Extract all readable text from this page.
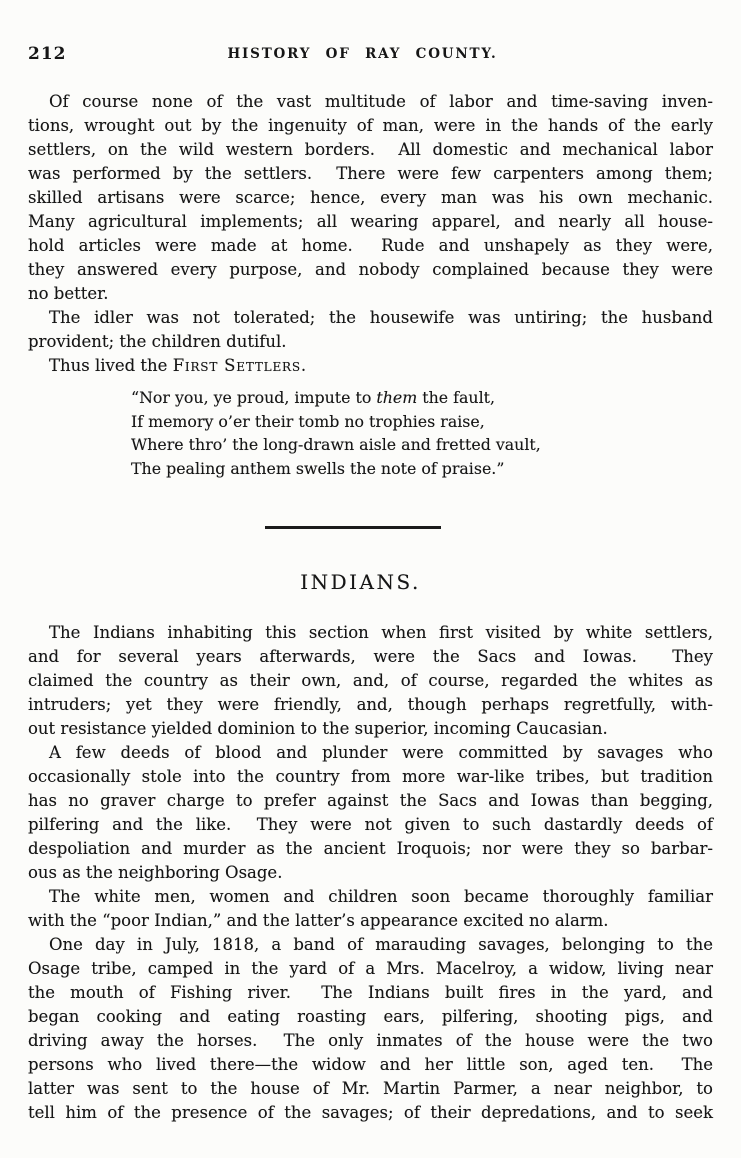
212	HISTORY OF RAY COUNTY.
Of course none of the vast multitude of labor and time-saving inven-
tions, wrought out by the ingenuity of man, were in the hands of the early
settlers, on the wild western borders.  All domestic and mechanical labor
was performed by the settlers.  There were few carpenters among them;
skilled artisans were scarce; hence, every man was his own mechanic.
Many agricultural implements; all wearing apparel, and nearly all house-
hold articles were made at home.  Rude and unshapely as they were,
they answered every purpose, and nobody complained because they were
no better.
The idler was not tolerated; the housewife was untiring; the husband
provident; the children dutiful.
Thus lived the First Settlers.
“Nor you, ye proud, impute to them the fault,
If memory o’er their tomb no trophies raise,
Where thro’ the long-drawn aisle and fretted vault,
The pealing anthem swells the note of praise.”
INDIANS.
The Indians inhabiting this section when first visited by white settlers,
and for several years afterwards, were the Sacs and Iowas.  They
claimed the country as their own, and, of course, regarded the whites as
intruders; yet they were friendly, and, though perhaps regretfully, with-
out resistance yielded dominion to the superior, incoming Caucasian.
A few deeds of blood and plunder were committed by savages who
occasionally stole into the country from more war-like tribes, but tradition
has no graver charge to prefer against the Sacs and Iowas than begging,
pilfering and the like.  They were not given to such dastardly deeds of
despoliation and murder as the ancient Iroquois; nor were they so barbar-
ous as the neighboring Osage.
The white men, women and children soon became thoroughly familiar
with the “poor Indian,” and the latter’s appearance excited no alarm.
One day in July, 1818, a band of marauding savages, belonging to the
Osage tribe, camped in the yard of a Mrs. Macelroy, a widow, living near
the mouth of Fishing river.  The Indians built fires in the yard, and
began cooking and eating roasting ears, pilfering, shooting pigs, and
driving away the horses.  The only inmates of the house were the two
persons who lived there—the widow and her little son, aged ten.  The
latter was sent to the house of Mr. Martin Parmer, a near neighbor, to
tell him of the presence of the savages; of their depredations, and to seek
